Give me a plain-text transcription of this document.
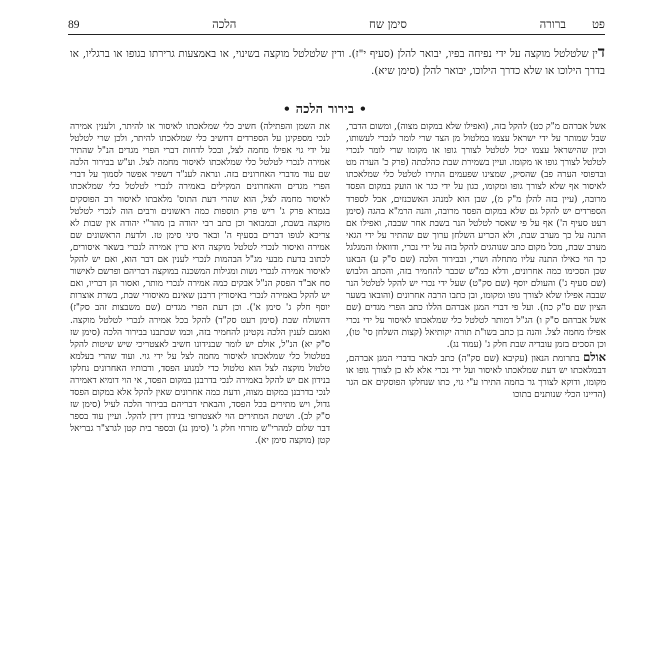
89	הלכה	סימן שח	ברורה פט

דין שלטלטל מוקצה על ידי נפיחה בפיו, יבואר להלן (סעיף י"ז). ודין שלטלטל מוקצה בשינוי, או באמצעות גרירתו בגופו או ברגליו, או בדרך הילוכו או שלא כדרך הילוכו, יבואר להלן (סימן שיא).

• בירור הלכה •

אשל אברהם מ"ק כט) להקל בזה, (ואפילו שלא במקום מצוה), ומשום הדבר, שבל שמותר על ידי ישראל עצמו במלטול מן הצד שרי לומר לנכרי לעשותו, וכיון שהישראל עצמו יכול לטלטל לצורך גופו או מקומו שרי לומר לנכרי לטלטל לצורך גופו או מקומו. ועיין בשמירת שבת כהלכתה (פרק כ' הערה מט ובדפוסי הערה פב) שהסיק, שמצינו שפעמים התירו לטלטל כלי שמלאכתו לאיסור אף שלא לצורך גופו ומקומו, כגון על ידי כגר או הועק במקום הפסד מרובה, (עיין בזה להלן מ"ק מ), שבן הוא למנהג האשכנזים, אבל לספרד הספרדים יש להקל גם שלא במקום הפסד מרובה, והנה הרמ"א בהגה (סימן רעט סעיף ה') אף על פי שאסר לטלטל הנר בשבת אחר שבבה, ואפילו אם התנה על כך מערב שבת, ולא הכריע השלחן ערוך שם שהתיר על ידי הגאי מערב שבת, מכל מקום כתב שנוהגים להקל בזה על ידי נכרי, ודוואלו והמגלגל כך הוי כאילו התנה עליו מתחלה ושרי, ובבירור הלכה (שם ס"ק ע) הבאנו שכן הסכימו כמה אחרונים, ודלא כמ"ש שכבר להחמיר בזה, והכתב הלבוש (שם סעיף ג') והעולם יוסף (שם סק"ט) שעל ידי נכרי יש להקל לטלטל הנר שבבה אפילו שלא לצורך גופו ומקומו, ובן כתבו הרבה אחרונים (והובאו בשער הציון שם ס"ק כח). ועל פי דברי המגן אברהם הללו כתב הפרי מגדים (שם אשל אברהם ס"ק ו) הג"ל דמותר לטלטל כלי שמלאכתו לאיסור על ידי נכרי אפילו מחמה לצל. והנה בן כתב בשו"ת תורה יקותיאל (קצות השלחן סי' טו), וכן הסכים בזמן עובדיה שבת חלק ג' (עמוד נג).

אולם בתרומת הנאון (עקיבא (שם סק"ה) כתב לבאר בדברי המגן אברהם, דבמלאכתו יש דעת שמלאכתו לאיסור ועל ידי נכרי אלא לא כן לצורך גופו או מקומו, ודוקא לצורך גר בחמה התירו ע"י גוי, כתו שנחלקו הפוסקים אם הגר (הדיינו הכלי שנותנים בתוכו

את השמן והפתילה) חשיב כלי שמלאכתו לאיסור או להיתר, ולענין אמירה לנכי מספקינן על הספרדים דחשיב כלי שמלאכתו להיתר, ולכן שרי לטלטל על ידי גוי אפילו מחמה לצל, ובכל לדחות דברי הפרי מגדים הנ"ל שהתיר אמירה לנכרי לטלטל כלי שמלאכתו לאיסור מחמה לצל. וע"ש בבירור הלכה שם עוד מדברי האחרונים בזה. ונראה לענ"ד דשפיר אפשר לסמוך על דברי הפרי מגדים והאחרונים המקילים באמירה לנכרי לטלטל כלי שמלאכתו לאיסור מחמה לצל, הוא שהרי דעת התוס' מלאבתו לאיסור רב הפוסקים בגמרא פרק ג' ריש פרק תוספות כמה ראשונים ורבים הוה לנכרי לטלטל מוקצה בשבת, ובמבואר וכן כתב רבי יהודה בן מהר"י יהודה אין שבות לא צריכא לגופו דברים בסעיף ה' ובאר סיני סימן טז. ולדעת הראשונים שם אמירה ואיסור לנכרי לטלטל מוקצה היא כרין אמירה לנכרי בשאר איסורים, לכתוב בדעת מבעי מג"ל הבהמות לנכרי לענין אם דבר הוא, ואם יש להקל לאיסור אמירה לנכרי נשות ומגילות המשכנה במוקצה דבריהם ופרשם לאישור סח אב"ד הפסק הנ"ל אבקים כמה אמירה לנכרי מותר, ואסור הן דבריו, ואם יש להקל באמירה לנכרי באיסורין דרבנן שאינם מאיסורי שבת, בשרת אוצרות יוסף חלק ג' סימן א'). וכן דעת הפרי מגדים (שם משבצות זהב סק"ז) דהשולח שבת (סימן רעט סק"ד) להקל בכל אמירה לנכרי לטלטל מוקצה. ואמנם לענין הלכה נקטינן להחמיר בזה, וכמו שכתבנו בבירור הלכה (סימן שז ס"ק יא) הנ"ל, אולם יש לומר שבנידונו חשיב לאצטריכי שיש שיטות להקל בטלטול כלי שמלאכתו לאיסור מחמה לצל על ידי גוי. ועוד שהרי בעלמא טלטול מוקצה לצל הוא טלטול כדי למנוע הפסד, ודבותיו האחרונים נחלקו בנידון אם יש להקל באמירה לנכי בדרבנן במקום הפסד, אי הוי דומיא דאמירה לנכי בדרבנן במקום מצוה, ודעת כמה אחרונים שאין להקל אלא במקום הפסד גדול, ויש מתירים בכל הפסד, והבאתי דבריהם בבירור הלכה לעיל (סימן שז ס"ק לב). ושיטת המתירים הוי לאצטרופי בנידון דידן להקל. ועיין עוד בספר דבר שלום למהרי"ש מזרחי חלק ג' (סימן נג) ובספר בית קטן לגרצ"ר גבריאל קטן (מוקצה סימן יא).
